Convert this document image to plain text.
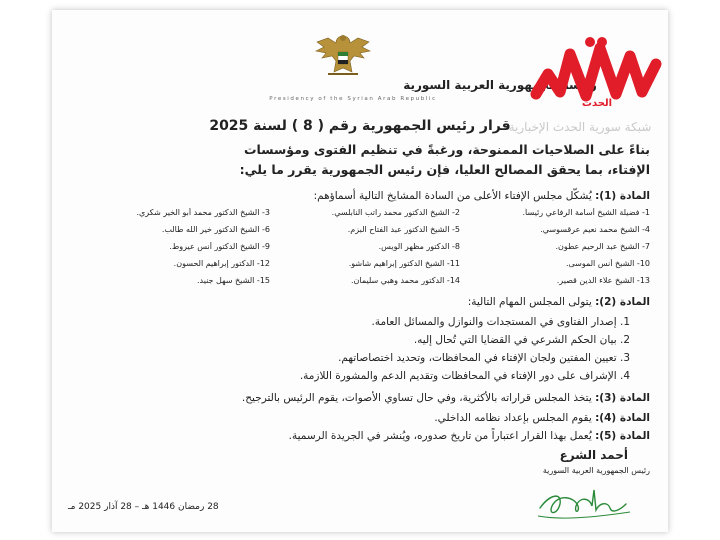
رئاسة الجمهورية العربية السورية
Presidency of the Syrian Arab Republic	الحدث
شبكة سورية الحدث الإخبارية
قرار رئيس الجمهورية رقم ( 8 ) لسنة 2025
بناءً على الصلاحيات الممنوحة، ورغبةً في تنظيم الفتوى ومؤسسات
الإفتاء، بما يحقق المصالح العليا، فإن رئيس الجمهورية يقرر ما يلي:
المادة (1): يُشكّل مجلس الإفتاء الأعلى من السادة المشايخ التالية أسماؤهم:
1- فضيلة الشيخ أسامة الرفاعي رئيساً.
2- الشيخ الدكتور محمد راتب النابلسي.
3- الشيخ الدكتور محمد أبو الخير شكري.
4- الشيخ محمد نعيم عرقسوسي.
5- الشيخ الدكتور عبد الفتاح البزم.
6- الشيخ الدكتور خير الله طالب.
7- الشيخ عبد الرحيم عطون.
8- الدكتور مظهر الويس.
9- الشيخ الدكتور أنس عيروط.
10- الشيخ أنس الموسى.
11- الشيخ الدكتور إبراهيم شاشو.
12- الدكتور إبراهيم الحسون.
13- الشيخ علاء الدين قصير.
14- الدكتور محمد وهبي سليمان.
15- الشيخ سهل جنيد.
المادة (2): يتولى المجلس المهام التالية:
1. إصدار الفتاوى في المستجدات والنوازل والمسائل العامة.
2. بيان الحكم الشرعي في القضايا التي تُحال إليه.
3. تعيين المفتين ولجان الإفتاء في المحافظات، وتحديد اختصاصاتهم.
4. الإشراف على دور الإفتاء في المحافظات وتقديم الدعم والمشورة اللازمة.
المادة (3): يتخذ المجلس قراراته بالأكثرية، وفي حال تساوي الأصوات، يقوم الرئيس بالترجيح.
المادة (4): يقوم المجلس بإعداد نظامه الداخلي.
المادة (5): يُعمل بهذا القرار اعتباراً من تاريخ صدوره، ويُنشر في الجريدة الرسمية.
أحمد الشرع
رئيس الجمهورية العربية السورية
28 رمضان 1446 هـ – 28 آذار 2025 مـ
